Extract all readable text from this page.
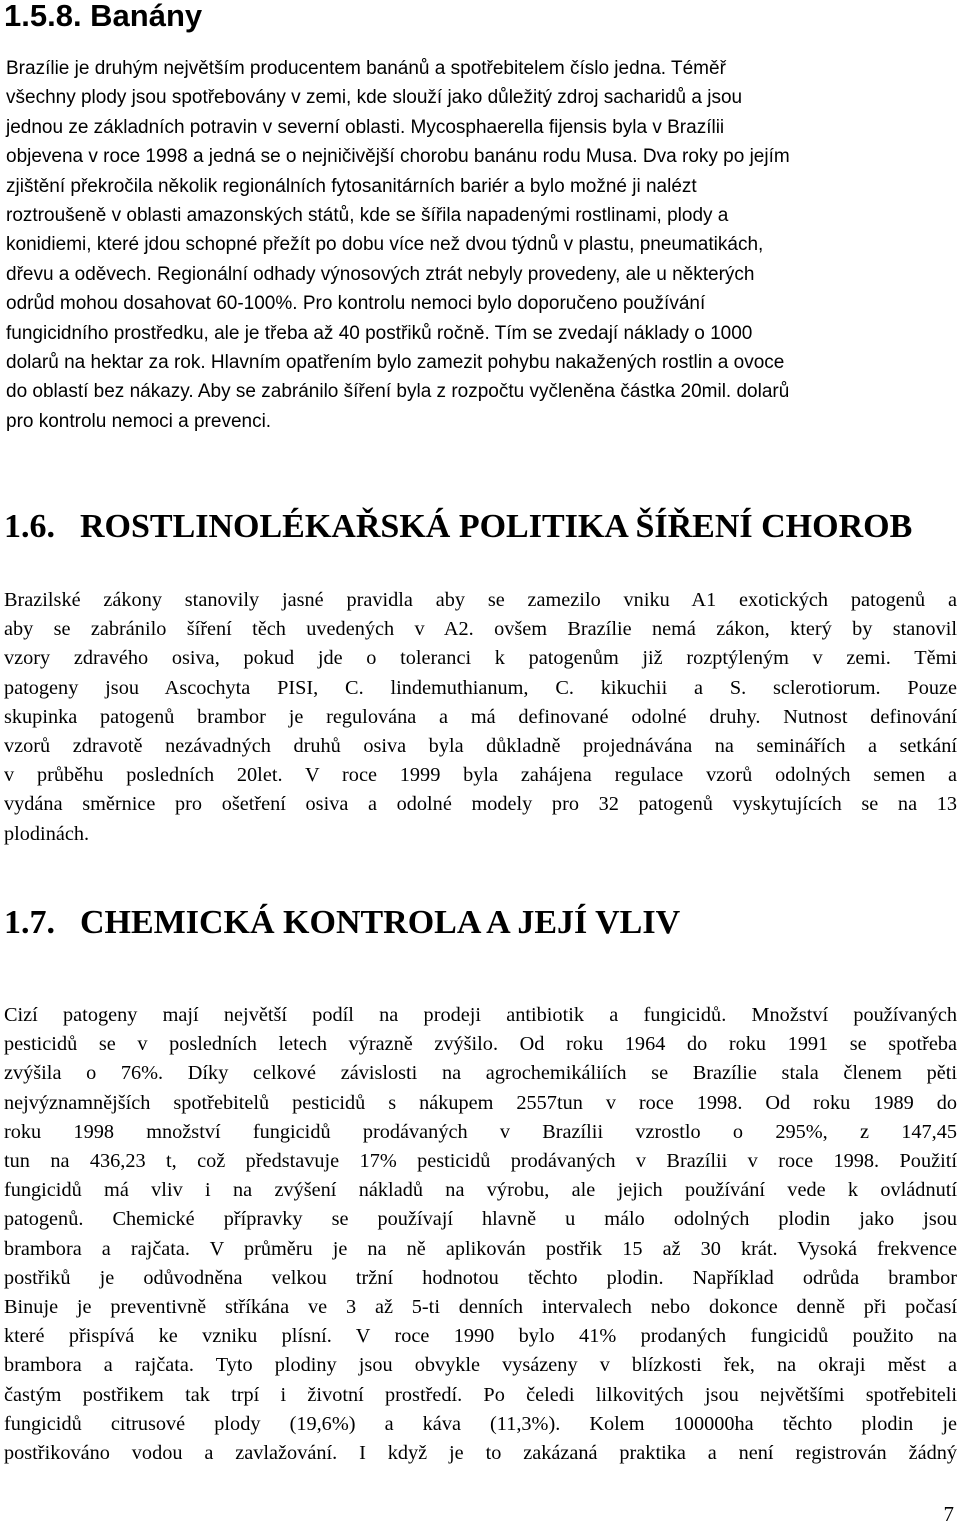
1.5.8. Banány

Brazílie je druhým největším producentem banánů a spotřebitelem číslo jedna. Téměř
všechny plody jsou spotřebovány v zemi, kde slouží jako důležitý zdroj sacharidů a jsou
jednou ze základních potravin v severní oblasti. Mycosphaerella fijensis byla v Brazílii
objevena v roce 1998 a jedná se o nejničivější chorobu banánu rodu Musa. Dva roky po jejím
zjištění překročila několik regionálních fytosanitárních bariér a bylo možné ji nalézt
roztroušeně v oblasti amazonských států, kde se šířila napadenými rostlinami, plody a
konidiemi, které jdou schopné přežít po dobu více než dvou týdnů v plastu, pneumatikách,
dřevu a oděvech. Regionální odhady výnosových ztrát nebyly provedeny, ale u některých
odrůd mohou dosahovat 60-100%. Pro kontrolu nemoci bylo doporučeno používání
fungicidního prostředku, ale je třeba až 40 postřiků ročně. Tím se zvedají náklady o 1000
dolarů na hektar za rok. Hlavním opatřením bylo zamezit pohybu nakažených rostlin a ovoce
do oblastí bez nákazy. Aby se zabránilo šíření byla z rozpočtu vyčleněna částka 20mil. dolarů
pro kontrolu nemoci a prevenci.

1.6. ROSTLINOLÉKAŘSKÁ POLITIKA ŠÍŘENÍ CHOROB

Brazilské zákony stanovily jasné pravidla aby se zamezilo vniku A1 exotických patogenů a
aby se zabránilo šíření těch uvedených v A2. ovšem Brazílie nemá zákon, který by stanovil
vzory zdravého osiva, pokud jde o toleranci k patogenům již rozptýleným v zemi. Těmi
patogeny jsou Ascochyta PISI, C. lindemuthianum, C. kikuchii a S. sclerotiorum. Pouze
skupinka patogenů brambor je regulována a má definované odolné druhy. Nutnost definování
vzorů zdravotě nezávadných druhů osiva byla důkladně projednávána na seminářích a setkání
v průběhu posledních 20let. V roce 1999 byla zahájena regulace vzorů odolných semen a
vydána směrnice pro ošetření osiva a odolné modely pro 32 patogenů vyskytujících se na 13
plodinách.

1.7. CHEMICKÁ KONTROLA A JEJÍ VLIV

Cizí patogeny mají největší podíl na prodeji antibiotik a fungicidů. Množství používaných
pesticidů se v posledních letech výrazně zvýšilo. Od roku 1964 do roku 1991 se spotřeba
zvýšila o 76%. Díky celkové závislosti na agrochemikáliích se Brazílie stala členem pěti
nejvýznamnějších spotřebitelů pesticidů s nákupem 2557tun v roce 1998. Od roku 1989 do
roku 1998 množství fungicidů prodávaných v Brazílii vzrostlo o 295%, z 147,45
tun na 436,23 t, což představuje 17% pesticidů prodávaných v Brazílii v roce 1998. Použití
fungicidů má vliv i na zvýšení nákladů na výrobu, ale jejich používání vede k ovládnutí
patogenů. Chemické přípravky se používají hlavně u málo odolných plodin jako jsou
brambora a rajčata. V průměru je na ně aplikován postřik 15 až 30 krát. Vysoká frekvence
postřiků je odůvodněna velkou tržní hodnotou těchto plodin. Například odrůda brambor
Binuje je preventivně stříkána ve 3 až 5-ti denních intervalech nebo dokonce denně při počasí
které přispívá ke vzniku plísní. V roce 1990 bylo 41% prodaných fungicidů použito na
brambora a rajčata. Tyto plodiny jsou obvykle vysázeny v blízkosti řek, na okraji měst a
častým postřikem tak trpí i životní prostředí. Po čeledi lilkovitých jsou největšími spotřebiteli
fungicidů citrusové plody (19,6%) a káva (11,3%). Kolem 100000ha těchto plodin je
postřikováno vodou a zavlažování. I když je to zakázaná praktika a není registrován žádný

7
